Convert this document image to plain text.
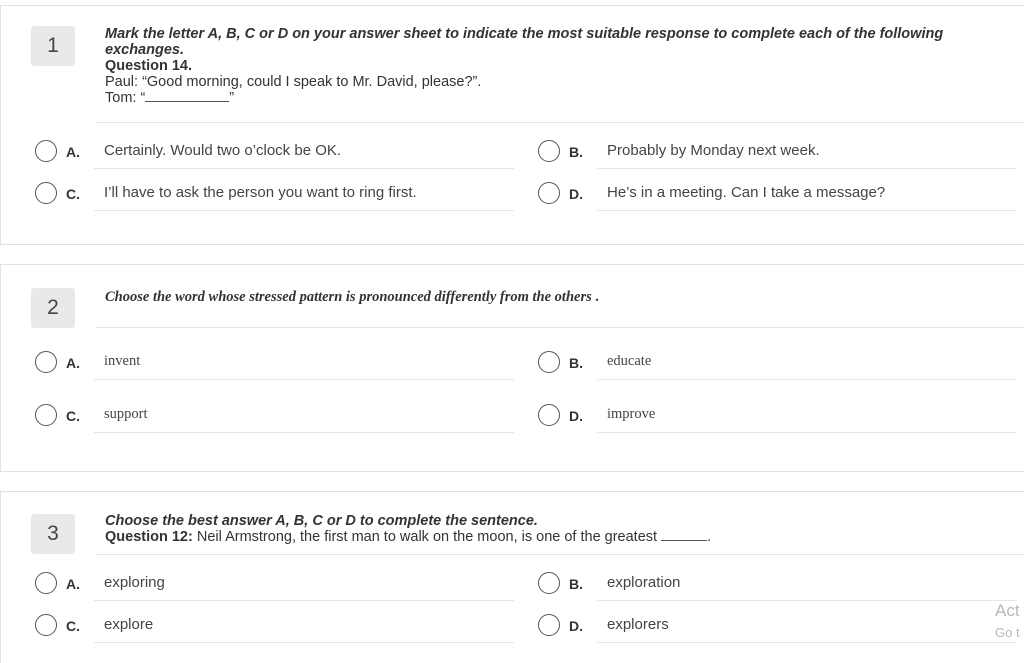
1	Mark the letter A, B, C or D on your answer sheet to indicate the most suitable response to complete each of the following exchanges.
Question 14.
Paul: “Good morning, could I speak to Mr. David, please?”.
Tom: “	”
A. Certainly. Would two o’clock be OK.	B. Probably by Monday next week.
C. I’ll have to ask the person you want to ring first.	D. He’s in a meeting. Can I take a message?
2	Choose the word whose stressed pattern is pronounced differently from the others .
A. invent	B. educate
C. support	D. improve
3
Choose the best answer A, B, C or D to complete the sentence.
Question 12: Neil Armstrong, the first man to walk on the moon, is one of the greatest	.
A. exploring	B. exploration
C. explore	D. explorers
Act
Go t
